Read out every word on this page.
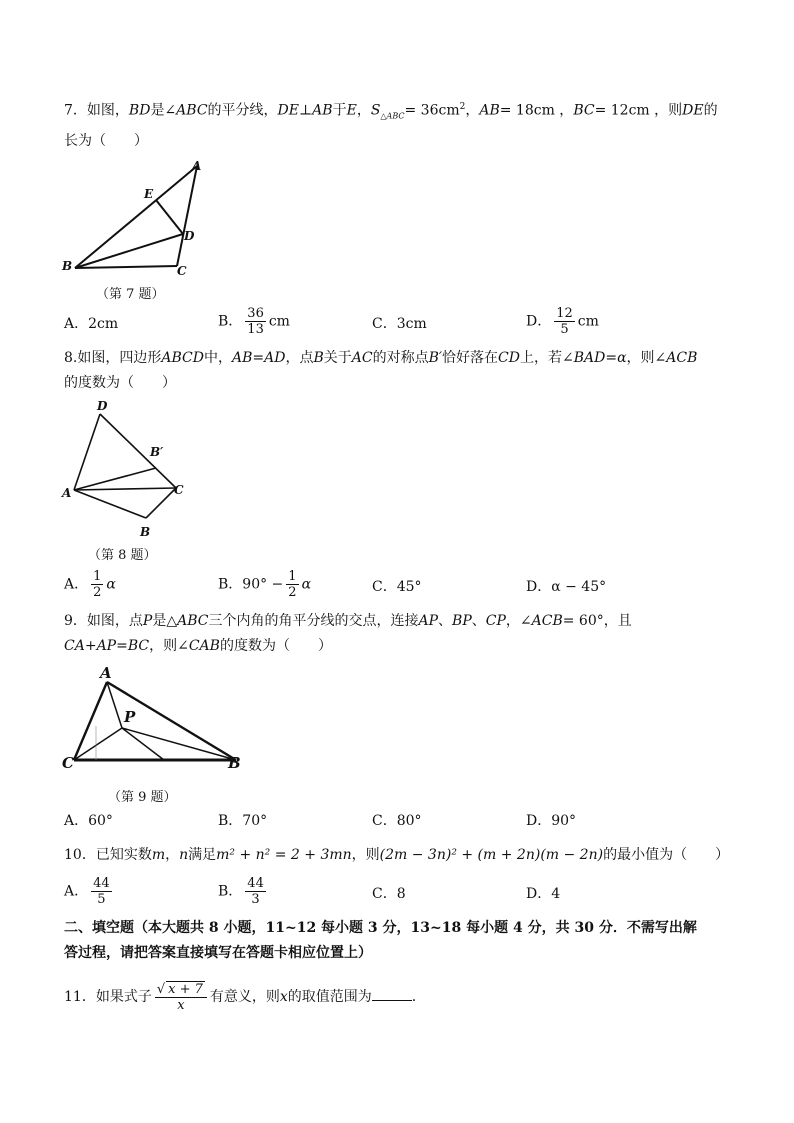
7．如图，BD是∠ABC的平分线，DE⊥AB于E，$S_{\triangle ABC}= 36cm^2$，AB= 18cm ，BC= 12cm ，则DE的
长为（　　）
A
E
D
B	C
（第 7 题）
A．2cm	B． $\frac{36}{13}$ cm	C．3cm	D． $\frac{12}{5}$ cm
8.如图，四边形ABCD中，AB=AD，点B关于AC的对称点B′恰好落在CD上，若∠BAD=α，则∠ACB
的度数为（　　）
D
B′
A	C
B
（第 8 题）
A． $\frac{1}{2}$ α	B．$90^\circ - \frac{1}{2}$ α	C．45°	D．α − 45°
9．如图，点P是△ABC三个内角的角平分线的交点，连接AP、BP、CP，∠ACB= 60°，且
CA+AP=BC，则∠CAB的度数为（　　）
A
P
C	B
（第 9 题）
A．60°	B．70°	C．80°	D．90°
10．已知实数m，n满足m² + n² = 2 + 3mn，则(2m − 3n)² + (m + 2n)(m − 2n)的最小值为（　　）
A． $\frac{44}{5}$	B． $\frac{44}{3}$	C．8	D．4
二、填空题（本大题共 8 小题，11~12 每小题 3 分，13~18 每小题 4 分，共 30 分．不需写出解
答过程，请把答案直接填写在答题卡相应位置上）
11．如果式子 $\frac{√ x + 7}{x}$ 有意义，则x的取值范围为	．
